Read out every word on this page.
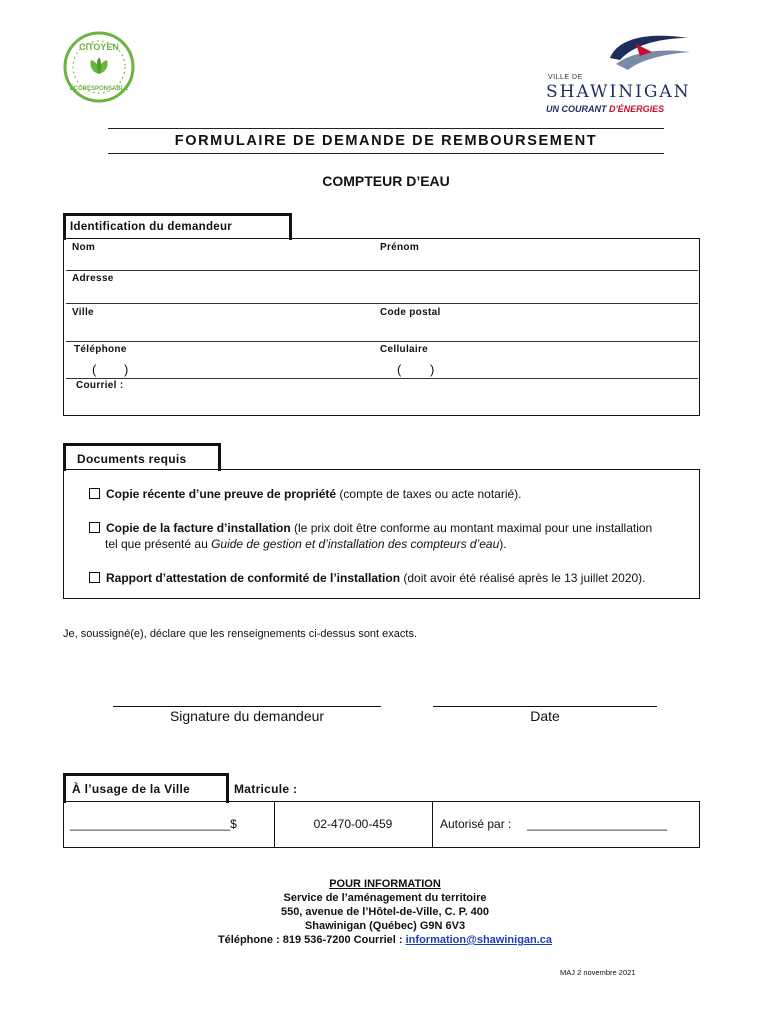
CITOYEN
ÉCORESPONSABLE
VILLE DE
SHAWINIGAN
UN COURANT D'ÉNERGIES
FORMULAIRE DE DEMANDE DE REMBOURSEMENT
COMPTEUR D’EAU
Identification du demandeur
Nom	Prénom
Adresse
Ville	Code postal
Téléphone	Cellulaire
( )	( )
Courriel :
Documents requis
Copie récente d’une preuve de propriété (compte de taxes ou acte notarié).
Copie de la facture d’installation (le prix doit être conforme au montant maximal pour une installation
tel que présenté au Guide de gestion et d’installation des compteurs d’eau).
Rapport d’attestation de conformité de l’installation (doit avoir été réalisé après le 13 juillet 2020).
Je, soussigné(e), déclare que les renseignements ci-dessus sont exacts.
Signature du demandeur	Date
À l’usage de la Ville	Matricule :
________________________$	02-470-00-459	Autorisé par : _____________________
POUR INFORMATION
Service de l’aménagement du territoire
550, avenue de l’Hôtel-de-Ville, C. P. 400
Shawinigan (Québec) G9N 6V3
Téléphone : 819 536-7200 Courriel : information@shawinigan.ca
MAJ 2 novembre 2021
